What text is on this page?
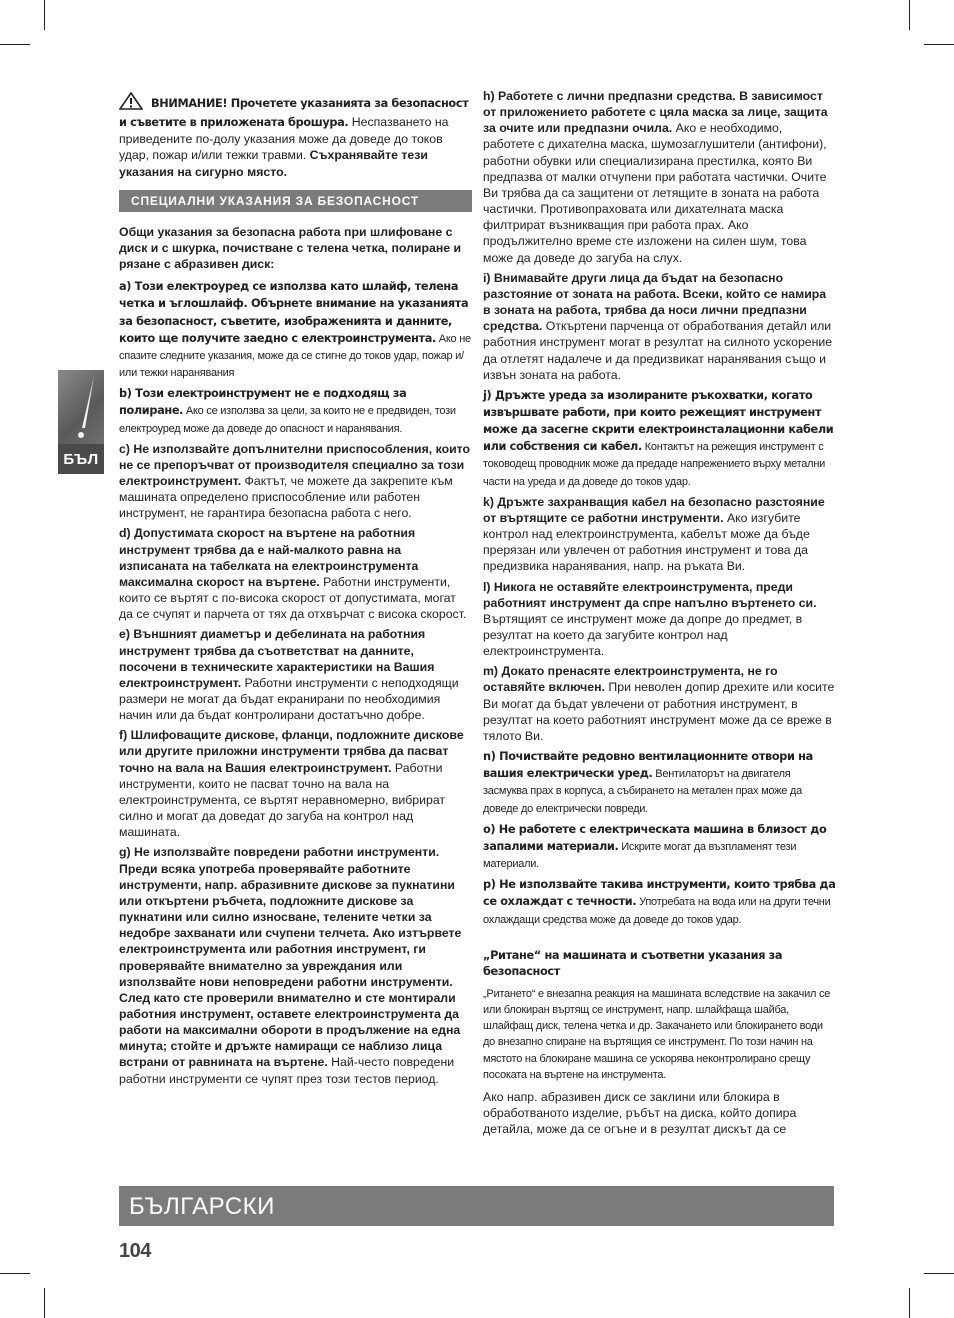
БЪЛ

ВНИМАНИЕ! Прочетете указанията за безопасност и съветите в приложената брошура. Неспазването на приведените по-долу указания може да доведе до токов удар, пожар и/или тежки травми. Съхранявайте тези указания на сигурно място.

СПЕЦИАЛНИ УКАЗАНИЯ ЗА БЕЗОПАСНОСТ

Общи указания за безопасна работа при шлифоване с диск и с шкурка, почистване с телена четка, полиране и рязане с абразивен диск:

a) Този електроуред се използва като шлайф, телена четка и ъглошлайф. Обърнете внимание на указанията за безопасност, съветите, изображенията и данните, които ще получите заедно с електроинструмента. Ако не спазите следните указания, може да се стигне до токов удар, пожар и/ или тежки наранявания

b) Този електроинструмент не е подходящ за полиране. Ако се използва за цели, за които не е предвиден, този електроуред може да доведе до опасност и наранявания.

c) Не използвайте допълнителни приспособления, които не се препоръчват от производителя специално за този електроинструмент. Фактът, че можете да закрепите към машината определено приспособление или работен инструмент, не гарантира безопасна работа с него.

d) Допустимата скорост на въртене на работния инструмент трябва да е най-малкото равна на изписаната на табелката на електроинструмента максимална скорост на въртене. Работни инструменти, които се въртят с по-висока скорост от допустимата, могат да се счупят и парчета от тях да отхвърчат с висока скорост.

e) Външният диаметър и дебелината на работния инструмент трябва да съответстват на данните, посочени в техническите характеристики на Вашия електроинструмент. Работни инструменти с неподходящи размери не могат да бъдат екранирани по необходимия начин или да бъдат контролирани достатъчно добре.

f) Шлифоващите дискове, фланци, подложните дискове или другите приложни инструменти трябва да пасват точно на вала на Вашия електроинструмент. Работни инструменти, които не пасват точно на вала на електроинструмента, се въртят неравномерно, вибрират силно и могат да доведат до загуба на контрол над машината.

g) Не използвайте повредени работни инструменти. Преди всяка употреба проверявайте работните инструменти, напр. абразивните дискове за пукнатини или откъртени ръбчета, подложните дискове за пукнатини или силно износване, телените четки за недобре захванати или счупени телчета. Ако изтървете електроинструмента или работния инструмент, ги проверявайте внимателно за увреждания или използвайте нови неповредени работни инструменти. След като сте проверили внимателно и сте монтирали работния инструмент, оставете електроинструмента да работи на максимални обороти в продължение на една минута; стойте и дръжте намиращи се наблизо лица встрани от равнината на въртене. Най-често повредени работни инструменти се чупят през този тестов период.

h) Работете с лични предпазни средства. В зависимост от приложението работете с цяла маска за лице, защита за очите или предпазни очила. Ако е необходимо, работете с дихателна маска, шумозаглушители (антифони), работни обувки или специализирана престилка, която Ви предпазва от малки отчупени при работата частички. Очите Ви трябва да са защитени от летящите в зоната на работа частички. Противопраховата или дихателната маска филтрират възникващия при работа прах. Ако продължително време сте изложени на силен шум, това може да доведе до загуба на слух.

i) Внимавайте други лица да бъдат на безопасно разстояние от зоната на работа. Всеки, който се намира в зоната на работа, трябва да носи лични предпазни средства. Откъртени парченца от обработвания детайл или работния инструмент могат в резултат на силното ускорение да отлетят надалече и да предизвикат наранявания също и извън зоната на работа.

j) Дръжте уреда за изолираните ръкохватки, когато извършвате работи, при които режещият инструмент може да засегне скрити електроинсталационни кабели или собствения си кабел. Контактът на режещия инструмент с тоководещ проводник може да предаде напрежението върху метални части на уреда и да доведе до токов удар.

k) Дръжте захранващия кабел на безопасно разстояние от въртящите се работни инструменти. Ако изгубите контрол над електроинструмента, кабелът може да бъде прерязан или увлечен от работния инструмент и това да предизвика наранявания, напр. на ръката Ви.

l) Никога не оставяйте електроинструмента, преди работният инструмент да спре напълно въртенето си. Въртящият се инструмент може да допре до предмет, в резултат на което да загубите контрол над електроинструмента.

m) Докато пренасяте електроинструмента, не го оставяйте включен. При неволен допир дрехите или косите Ви могат да бъдат увлечени от работния инструмент, в резултат на което работният инструмент може да се вреже в тялото Ви.

n) Почиствайте редовно вентилационните отвори на вашия електрически уред. Вентилаторът на двигателя засмуква прах в корпуса, а събирането на метален прах може да доведе до електрически повреди.

o) Не работете с електрическата машина в близост до запалими материали. Искрите могат да възпламенят тези материали.

p) Не използвайте такива инструменти, които трябва да се охлаждат с течности. Употребата на вода или на други течни охлаждащи средства може да доведе до токов удар.

„Ритане“ на машината и съответни указания за безопасност

„Ритането“ е внезапна реакция на машината вследствие на закачил се или блокиран въртящ се инструмент, напр. шлайфаща шайба, шлайфащ диск, телена четка и др. Закачането или блокирането води до внезапно спиране на въртящия се инструмент. По този начин на мястото на блокиране машина се ускорява неконтролирано срещу посоката на въртене на инструмента.

Ако напр. абразивен диск се заклини или блокира в обработваното изделие, ръбът на диска, който допира детайла, може да се огъне и в резултат дискът да се

БЪЛГАРСКИ
104
